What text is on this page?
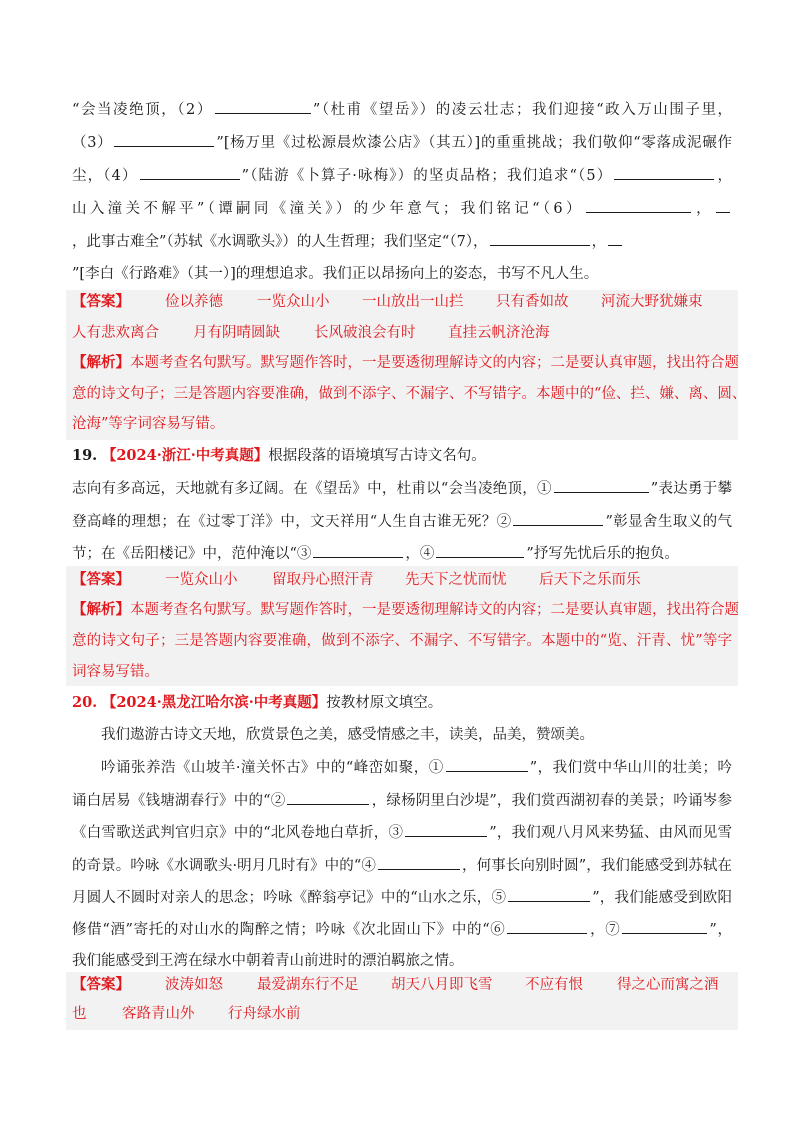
“会当凌绝顶，（2）	”（杜甫《望岳》）的凌云壮志；我们迎接“政入万山围子里，
（3）	”[杨万里《过松源晨炊漆公店》（其五）]的重重挑战；我们敬仰“零落成泥碾作
尘，（4）	”（陆游《卜算子·咏梅》）的坚贞品格；我们追求“（5）	，
山入潼关不解平”（谭嗣同《潼关》）的少年意气；我们铭记“（6）	，
，此事古难全”（苏轼《水调歌头》）的人生哲理；我们坚定“（7），	，
”[李白《行路难》（其一）]的理想追求。我们正以昂扬向上的姿态，书写不凡人生。
【答案】 俭以养德 一览众山小 一山放出一山拦 只有香如故 河流大野犹嫌束
人有悲欢离合 月有阴晴圆缺 长风破浪会有时 直挂云帆济沧海
【解析】本题考查名句默写。默写题作答时，一是要透彻理解诗文的内容；二是要认真审题，找出符合题
意的诗文句子；三是答题内容要准确，做到不添字、不漏字、不写错字。本题中的“俭、拦、嫌、离、圆、
沧海”等字词容易写错。
19. 【2024·浙江·中考真题】根据段落的语境填写古诗文名句。
志向有多高远，天地就有多辽阔。在《望岳》中，杜甫以“会当凌绝顶，①	”表达勇于攀
登高峰的理想；在《过零丁洋》中，文天祥用“人生自古谁无死？②	”彰显舍生取义的气
节；在《岳阳楼记》中，范仲淹以“③	，④	”抒写先忧后乐的抱负。
【答案】 一览众山小 留取丹心照汗青 先天下之忧而忧 后天下之乐而乐
【解析】本题考查名句默写。默写题作答时，一是要透彻理解诗文的内容；二是要认真审题，找出符合题
意的诗文句子；三是答题内容要准确，做到不添字、不漏字、不写错字。本题中的“览、汗青、忧”等字
词容易写错。
20. 【2024·黑龙江哈尔滨·中考真题】按教材原文填空。
我们遨游古诗文天地，欣赏景色之美，感受情感之丰，读美，品美，赞颂美。
吟诵张养浩《山坡羊·潼关怀古》中的“峰峦如聚，①	”，我们赏中华山川的壮美；吟
诵白居易《钱塘湖春行》中的“②	，绿杨阴里白沙堤”，我们赏西湖初春的美景；吟诵岑参
《白雪歌送武判官归京》中的“北风卷地白草折，③	”，我们观八月风来势猛、由风而见雪
的奇景。吟咏《水调歌头·明月几时有》中的“④	，何事长向别时圆”，我们能感受到苏轼在
月圆人不圆时对亲人的思念；吟咏《醉翁亭记》中的“山水之乐，⑤	”，我们能感受到欧阳
修借“酒”寄托的对山水的陶醉之情；吟咏《次北固山下》中的“⑥	，⑦	”，
我们能感受到王湾在绿水中朝着青山前进时的漂泊羁旅之情。
【答案】 波涛如怒 最爱湖东行不足 胡天八月即飞雪 不应有恨 得之心而寓之酒
也 客路青山外 行舟绿水前
